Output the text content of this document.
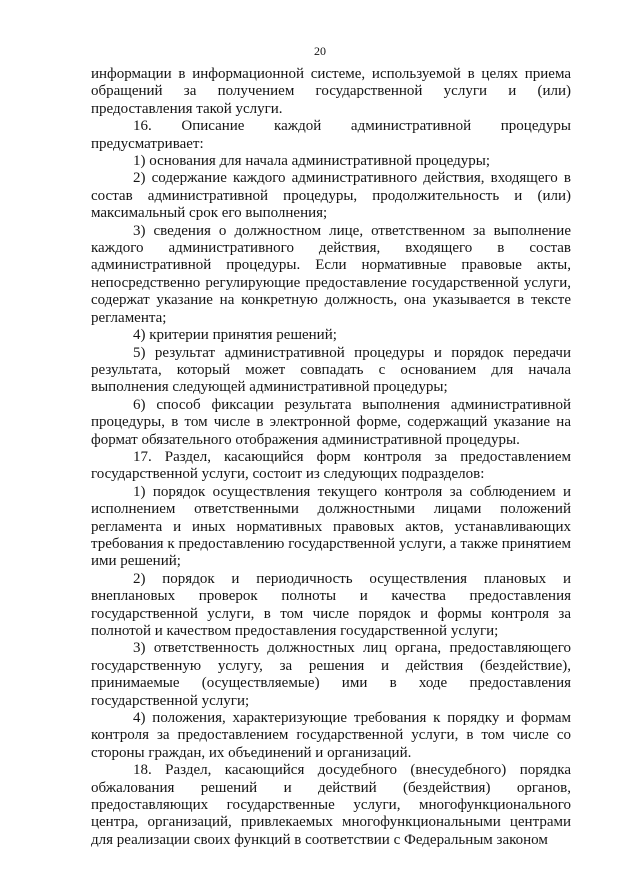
20

информации в информационной системе, используемой в целях приема обращений за получением государственной услуги и (или) предоставления такой услуги.

16. Описание каждой административной процедуры предусматривает:

1) основания для начала административной процедуры;

2) содержание каждого административного действия, входящего в состав административной процедуры, продолжительность и (или) максимальный срок его выполнения;

3) сведения о должностном лице, ответственном за выполнение каждого административного действия, входящего в состав административной процедуры. Если нормативные правовые акты, непосредственно регулирующие предоставление государственной услуги, содержат указание на конкретную должность, она указывается в тексте регламента;

4) критерии принятия решений;

5) результат административной процедуры и порядок передачи результата, который может совпадать с основанием для начала выполнения следующей административной процедуры;

6) способ фиксации результата выполнения административной процедуры, в том числе в электронной форме, содержащий указание на формат обязательного отображения административной процедуры.

17. Раздел, касающийся форм контроля за предоставлением государственной услуги, состоит из следующих подразделов:

1) порядок осуществления текущего контроля за соблюдением и исполнением ответственными должностными лицами положений регламента и иных нормативных правовых актов, устанавливающих требования к предоставлению государственной услуги, а также принятием ими решений;

2) порядок и периодичность осуществления плановых и внеплановых проверок полноты и качества предоставления государственной услуги, в том числе порядок и формы контроля за полнотой и качеством предоставления государственной услуги;

3) ответственность должностных лиц органа, предоставляющего государственную услугу, за решения и действия (бездействие), принимаемые (осуществляемые) ими в ходе предоставления государственной услуги;

4) положения, характеризующие требования к порядку и формам контроля за предоставлением государственной услуги, в том числе со стороны граждан, их объединений и организаций.

18. Раздел, касающийся досудебного (внесудебного) порядка обжалования решений и действий (бездействия) органов, предоставляющих государственные услуги, многофункционального центра, организаций, привлекаемых многофункциональными центрами для реализации своих функций в соответствии с Федеральным законом
